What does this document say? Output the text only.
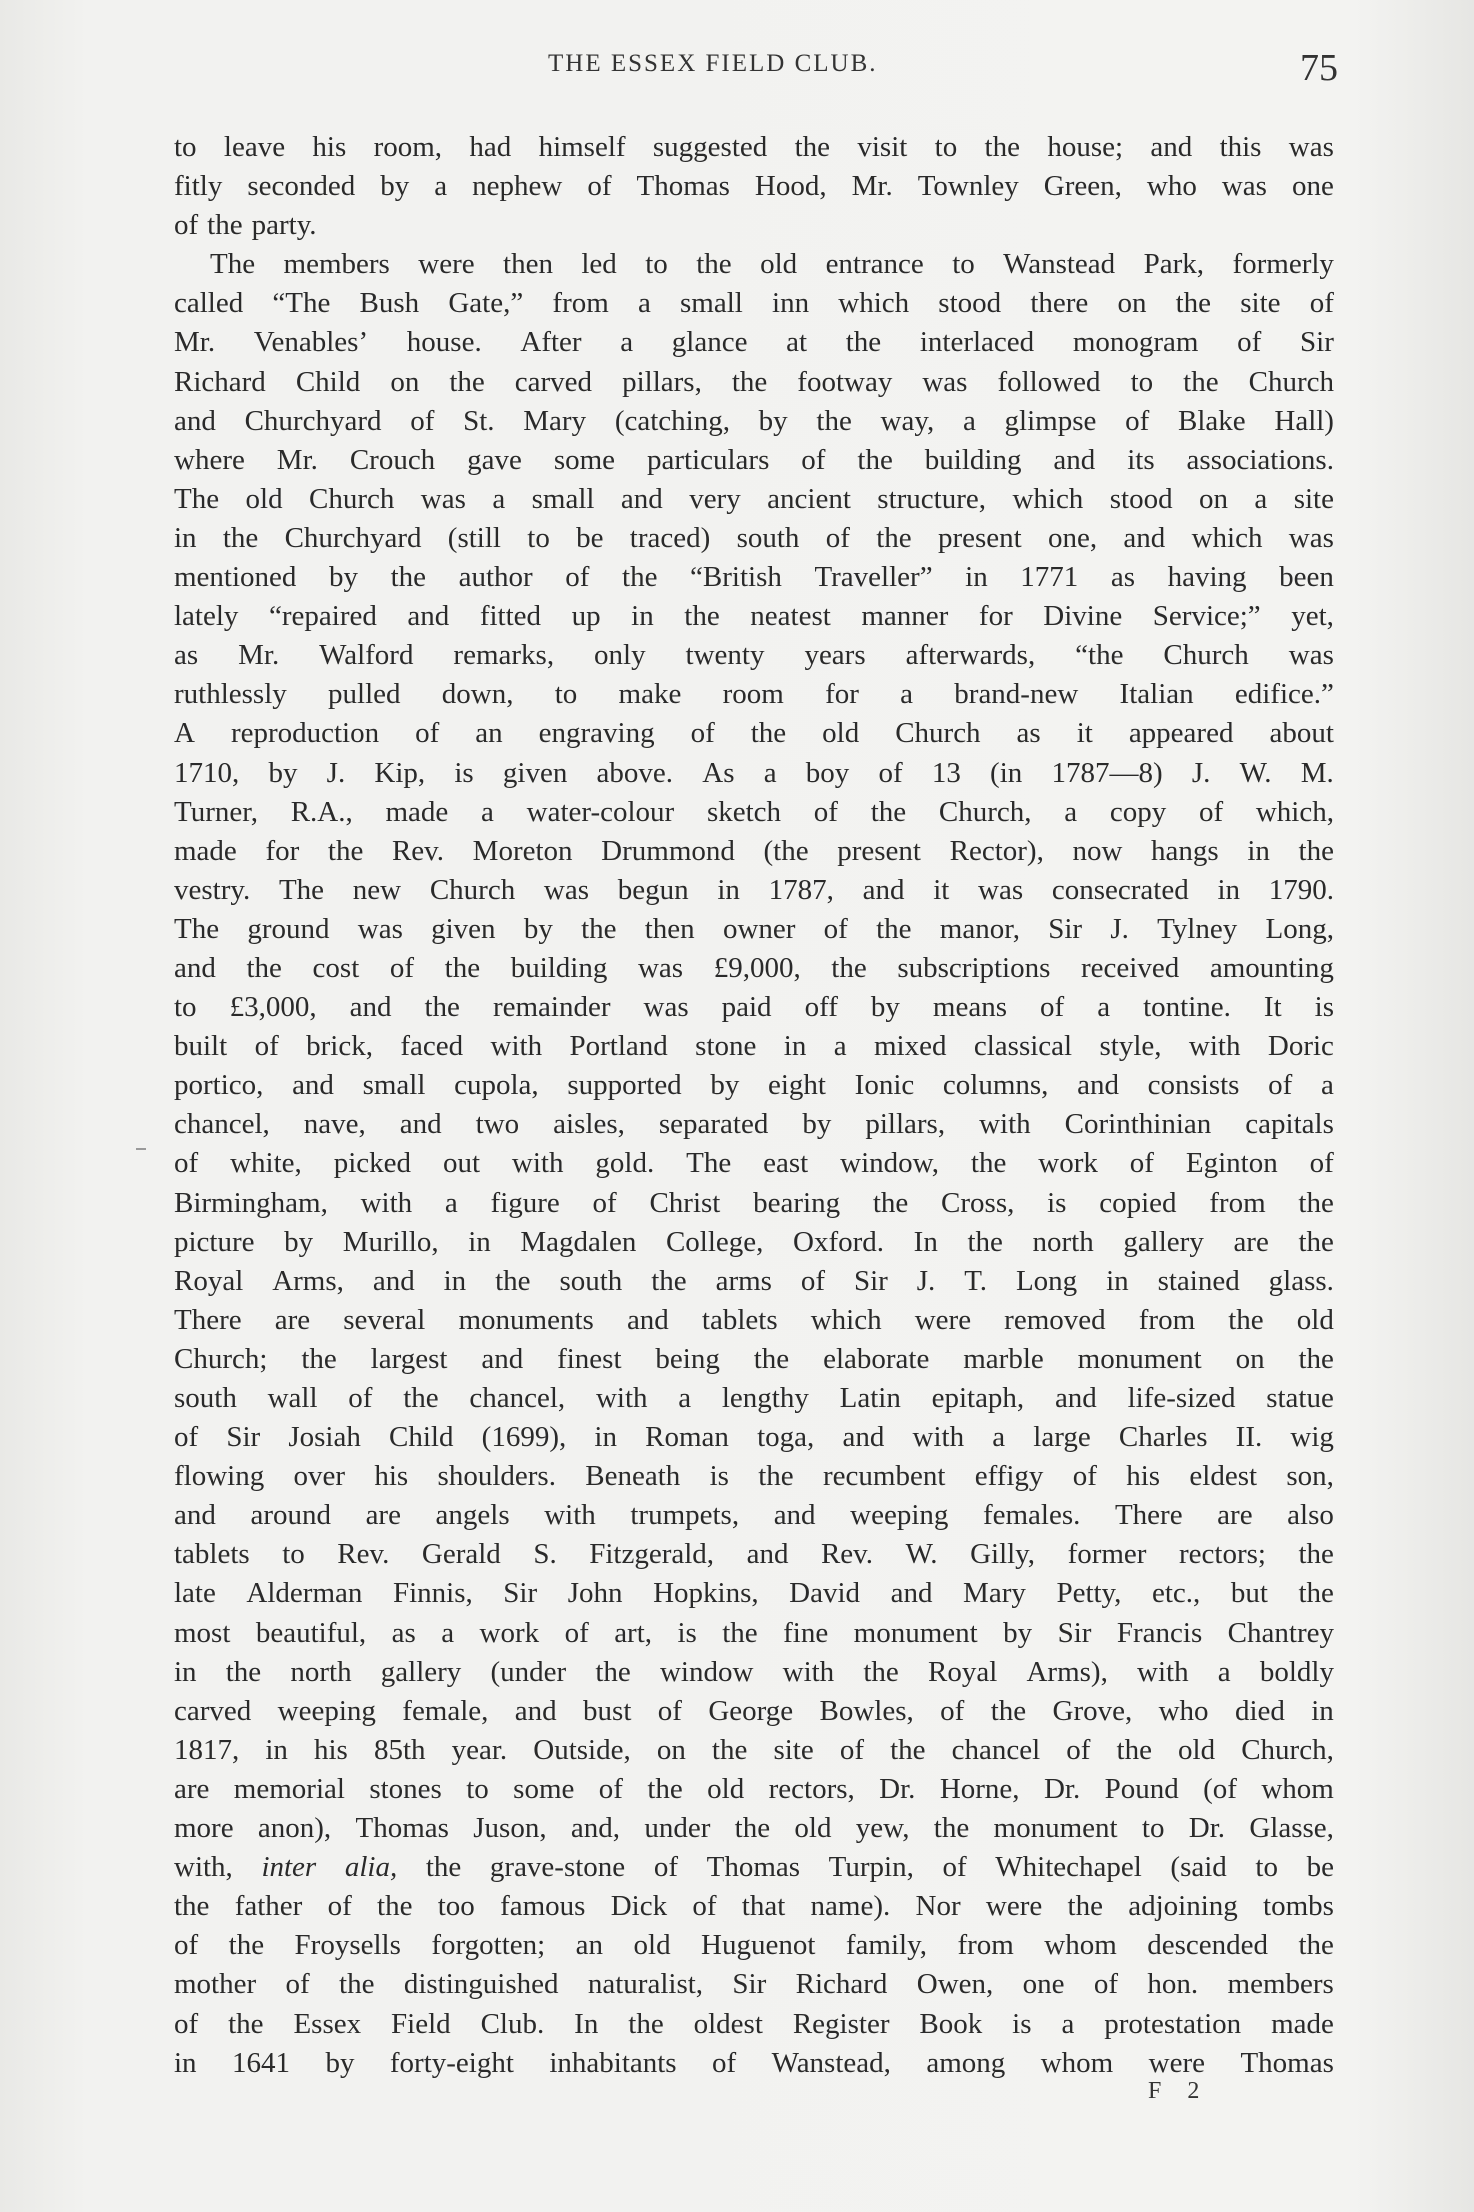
THE ESSEX FIELD CLUB.	75
to leave his room, had himself suggested the visit to the house; and this was
fitly seconded by a nephew of Thomas Hood, Mr. Townley Green, who was one
of the party.
The members were then led to the old entrance to Wanstead Park, formerly
called “The Bush Gate,” from a small inn which stood there on the site of
Mr. Venables’ house. After a glance at the interlaced monogram of Sir
Richard Child on the carved pillars, the footway was followed to the Church
and Churchyard of St. Mary (catching, by the way, a glimpse of Blake Hall)
where Mr. Crouch gave some particulars of the building and its associations.
The old Church was a small and very ancient structure, which stood on a site
in the Churchyard (still to be traced) south of the present one, and which was
mentioned by the author of the “British Traveller” in 1771 as having been
lately “repaired and fitted up in the neatest manner for Divine Service;” yet,
as Mr. Walford remarks, only twenty years afterwards, “the Church was
ruthlessly pulled down, to make room for a brand-new Italian edifice.”
A reproduction of an engraving of the old Church as it appeared about
1710, by J. Kip, is given above. As a boy of 13 (in 1787—8) J. W. M.
Turner, R.A., made a water-colour sketch of the Church, a copy of which,
made for the Rev. Moreton Drummond (the present Rector), now hangs in the
vestry. The new Church was begun in 1787, and it was consecrated in 1790.
The ground was given by the then owner of the manor, Sir J. Tylney Long,
and the cost of the building was £9,000, the subscriptions received amounting
to £3,000, and the remainder was paid off by means of a tontine. It is
built of brick, faced with Portland stone in a mixed classical style, with Doric
portico, and small cupola, supported by eight Ionic columns, and consists of a
chancel, nave, and two aisles, separated by pillars, with Corinthinian capitals
of white, picked out with gold. The east window, the work of Eginton of
Birmingham, with a figure of Christ bearing the Cross, is copied from the
picture by Murillo, in Magdalen College, Oxford. In the north gallery are the
Royal Arms, and in the south the arms of Sir J. T. Long in stained glass.
There are several monuments and tablets which were removed from the old
Church; the largest and finest being the elaborate marble monument on the
south wall of the chancel, with a lengthy Latin epitaph, and life-sized statue
of Sir Josiah Child (1699), in Roman toga, and with a large Charles II. wig
flowing over his shoulders. Beneath is the recumbent effigy of his eldest son,
and around are angels with trumpets, and weeping females. There are also
tablets to Rev. Gerald S. Fitzgerald, and Rev. W. Gilly, former rectors; the
late Alderman Finnis, Sir John Hopkins, David and Mary Petty, etc., but the
most beautiful, as a work of art, is the fine monument by Sir Francis Chantrey
in the north gallery (under the window with the Royal Arms), with a boldly
carved weeping female, and bust of George Bowles, of the Grove, who died in
1817, in his 85th year. Outside, on the site of the chancel of the old Church,
are memorial stones to some of the old rectors, Dr. Horne, Dr. Pound (of whom
more anon), Thomas Juson, and, under the old yew, the monument to Dr. Glasse,
with, inter alia, the grave-stone of Thomas Turpin, of Whitechapel (said to be
the father of the too famous Dick of that name). Nor were the adjoining tombs
of the Froysells forgotten; an old Huguenot family, from whom descended the
mother of the distinguished naturalist, Sir Richard Owen, one of hon. members
of the Essex Field Club. In the oldest Register Book is a protestation made
in 1641 by forty-eight inhabitants of Wanstead, among whom were Thomas
F 2
